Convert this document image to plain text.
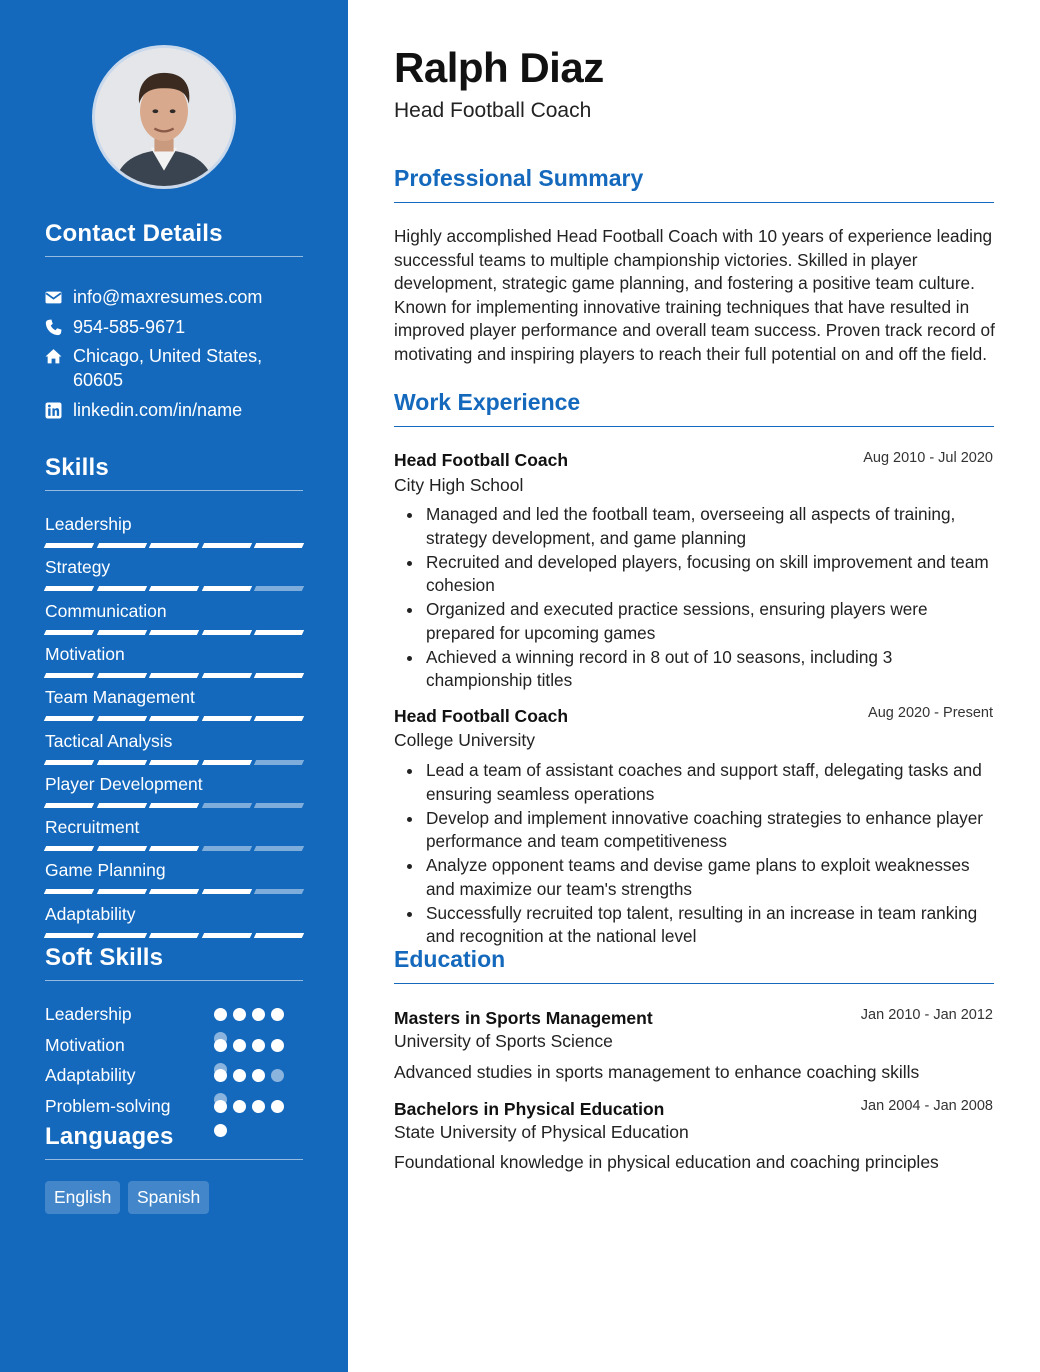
Contact Details
info@maxresumes.com
954-585-9671
Chicago, United States, 60605
linkedin.com/in/name
Skills
Leadership
Strategy
Communication
Motivation
Team Management
Tactical Analysis
Player Development
Recruitment
Game Planning
Adaptability
Soft Skills
Leadership
Motivation
Adaptability
Problem-solving
Languages
English	Spanish
Ralph Diaz
Head Football Coach
Professional Summary

Highly accomplished Head Football Coach with 10 years of experience leading successful teams to multiple championship victories. Skilled in player development, strategic game planning, and fostering a positive team culture. Known for implementing innovative training techniques that have resulted in improved player performance and overall team success. Proven track record of motivating and inspiring players to reach their full potential on and off the field.

Work Experience
Head Football Coach	Aug 2010 - Jul 2020
City High School
Managed and led the football team, overseeing all aspects of training, strategy development, and game planning
Recruited and developed players, focusing on skill improvement and team cohesion
Organized and executed practice sessions, ensuring players were prepared for upcoming games
Achieved a winning record in 8 out of 10 seasons, including 3 championship titles
Head Football Coach	Aug 2020 - Present
College University
Lead a team of assistant coaches and support staff, delegating tasks and ensuring seamless operations
Develop and implement innovative coaching strategies to enhance player performance and team competitiveness
Analyze opponent teams and devise game plans to exploit weaknesses and maximize our team's strengths
Successfully recruited top talent, resulting in an increase in team ranking and recognition at the national level
Education
Masters in Sports Management	Jan 2010 - Jan 2012
University of Sports Science
Advanced studies in sports management to enhance coaching skills
Bachelors in Physical Education	Jan 2004 - Jan 2008
State University of Physical Education
Foundational knowledge in physical education and coaching principles
